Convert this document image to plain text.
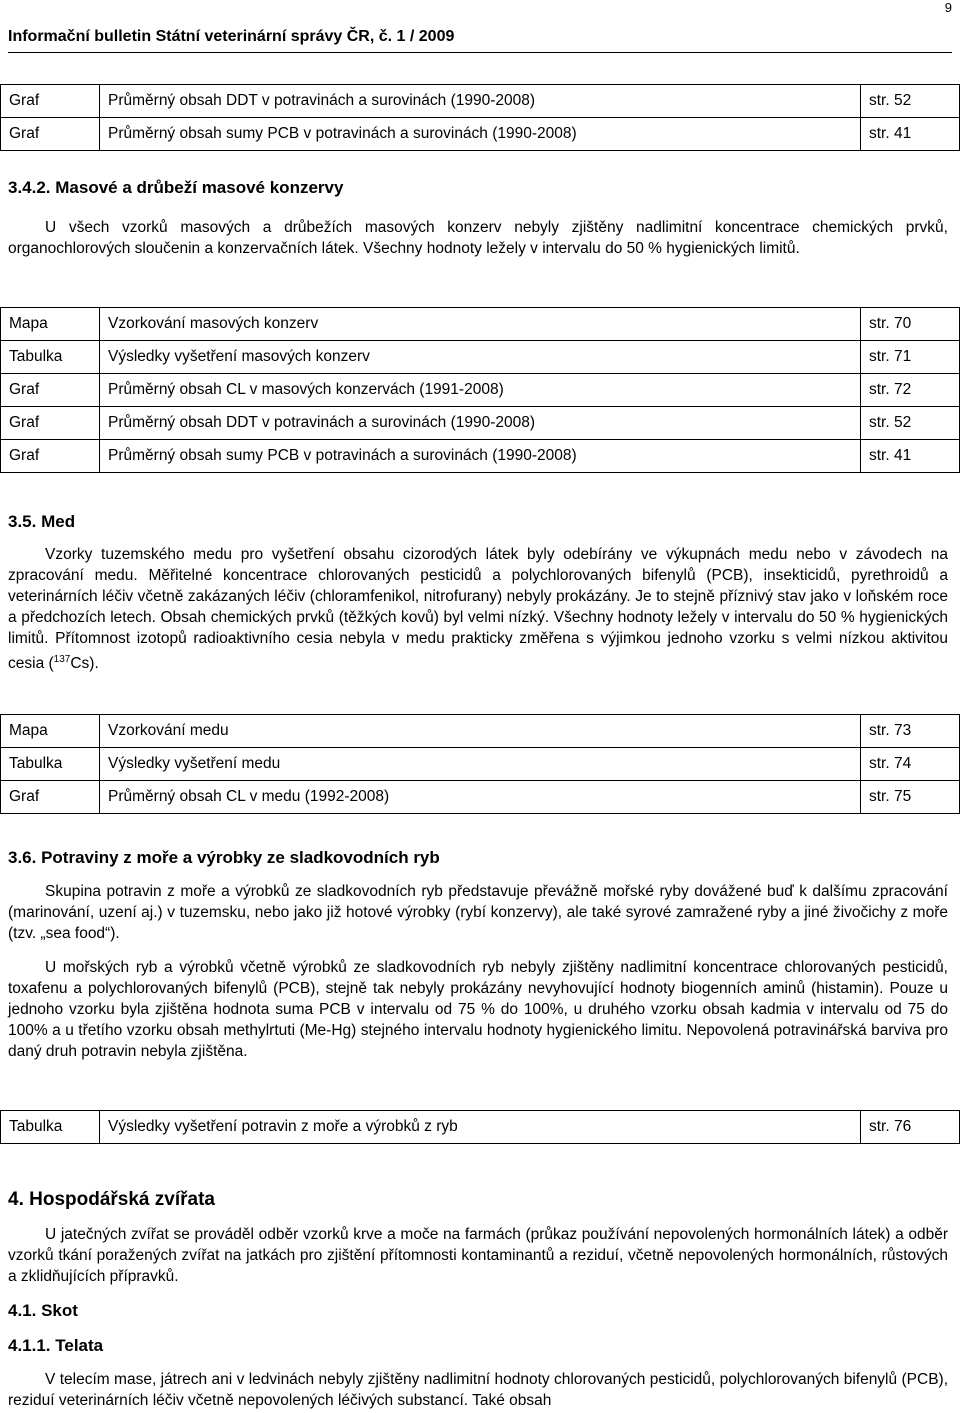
9
Informační bulletin Státní veterinární správy ČR, č. 1 / 2009
Graf	Průměrný obsah DDT v potravinách a surovinách (1990-2008)	str. 52
Graf	Průměrný obsah sumy PCB v potravinách a surovinách (1990-2008)	str. 41
3.4.2. Masové a drůbeží masové konzervy
U všech vzorků masových a drůbežích masových konzerv nebyly zjištěny nadlimitní koncentrace chemických prvků, organochlorových sloučenin a konzervačních látek. Všechny hodnoty ležely v intervalu do 50 % hygienických limitů.
Mapa	Vzorkování masových konzerv	str. 70
Tabulka	Výsledky vyšetření masových konzerv	str. 71
Graf	Průměrný obsah CL v masových konzervách (1991-2008)	str. 72
Graf	Průměrný obsah DDT v potravinách a surovinách (1990-2008)	str. 52
Graf	Průměrný obsah sumy PCB v potravinách a surovinách (1990-2008)	str. 41
3.5. Med
Vzorky tuzemského medu pro vyšetření obsahu cizorodých látek byly odebírány ve výkupnách medu nebo v závodech na zpracování medu. Měřitelné koncentrace chlorovaných pesticidů a polychlorovaných bifenylů (PCB), insekticidů, pyrethroidů a veterinárních léčiv včetně zakázaných léčiv (chloramfenikol, nitrofurany) nebyly prokázány. Je to stejně příznivý stav jako v loňském roce a předchozích letech. Obsah chemických prvků (těžkých kovů) byl velmi nízký. Všechny hodnoty ležely v intervalu do 50 % hygienických limitů. Přítomnost izotopů radioaktivního cesia nebyla v medu prakticky změřena s výjimkou jednoho vzorku s velmi nízkou aktivitou cesia ($^{137}$Cs).
Mapa	Vzorkování medu	str. 73
Tabulka	Výsledky vyšetření medu	str. 74
Graf	Průměrný obsah CL v medu (1992-2008)	str. 75
3.6. Potraviny z moře a výrobky ze sladkovodních ryb
Skupina potravin z moře a výrobků ze sladkovodních ryb představuje převážně mořské ryby dovážené buď k dalšímu zpracování (marinování, uzení aj.) v tuzemsku, nebo jako již hotové výrobky (rybí konzervy), ale také syrové zamražené ryby a jiné živočichy z moře (tzv. „sea food“).
U mořských ryb a výrobků včetně výrobků ze sladkovodních ryb nebyly zjištěny nadlimitní koncentrace chlorovaných pesticidů, toxafenu a polychlorovaných bifenylů (PCB), stejně tak nebyly prokázány nevyhovující hodnoty biogenních aminů (histamin). Pouze u jednoho vzorku byla zjištěna hodnota suma PCB v intervalu od 75 % do 100%, u druhého vzorku obsah kadmia v intervalu od 75 do 100% a u třetího vzorku obsah methylrtuti (Me-Hg) stejného intervalu hodnoty hygienického limitu. Nepovolená potravinářská barviva pro daný druh potravin nebyla zjištěna.
Tabulka	Výsledky vyšetření potravin z moře a výrobků z ryb	str. 76
4. Hospodářská zvířata
U jatečných zvířat se prováděl odběr vzorků krve a moče na farmách (průkaz používání nepovolených hormonálních látek) a odběr vzorků tkání poražených zvířat na jatkách pro zjištění přítomnosti kontaminantů a reziduí, včetně nepovolených hormonálních, růstových a zklidňujících přípravků.
4.1. Skot
4.1.1. Telata
V telecím mase, játrech ani v ledvinách nebyly zjištěny nadlimitní hodnoty chlorovaných pesticidů, polychlorovaných bifenylů (PCB), reziduí veterinárních léčiv včetně nepovolených léčivých substancí. Také obsah
